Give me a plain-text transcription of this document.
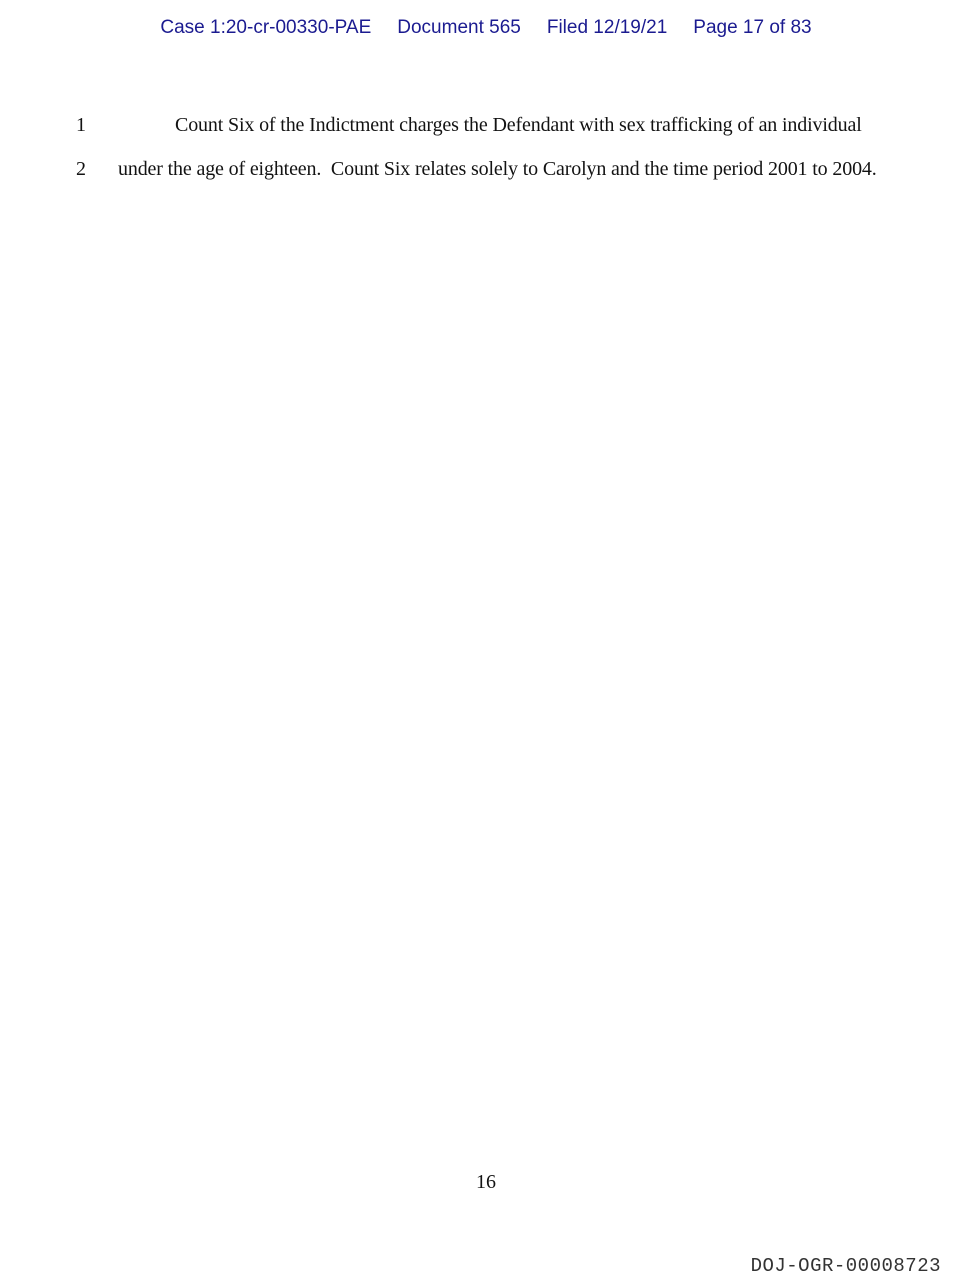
Case 1:20-cr-00330-PAE Document 565 Filed 12/19/21 Page 17 of 83
1	Count Six of the Indictment charges the Defendant with sex trafficking of an individual
2	under the age of eighteen.  Count Six relates solely to Carolyn and the time period 2001 to 2004.
16
DOJ-OGR-00008723
